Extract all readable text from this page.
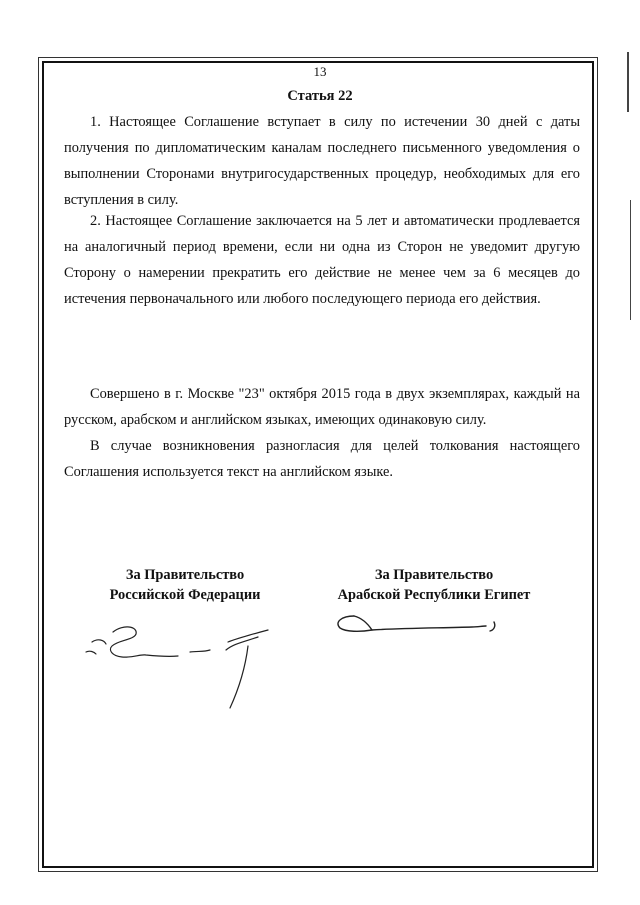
13
Статья 22

1. Настоящее Соглашение вступает в силу по истечении 30 дней с даты получения по дипломатическим каналам последнего письменного уведомления о выполнении Сторонами внутригосударственных процедур, необходимых для его вступления в силу.

2. Настоящее Соглашение заключается на 5 лет и автоматически продлевается на аналогичный период времени, если ни одна из Сторон не уведомит другую Сторону о намерении прекратить его действие не менее чем за 6 месяцев до истечения первоначального или любого последующего периода его действия.

Совершено в г. Москве "23" октября 2015 года в двух экземплярах, каждый на русском, арабском и английском языках, имеющих одинаковую силу.

В случае возникновения разногласия для целей толкования настоящего Соглашения используется текст на английском языке.

За Правительство
Российской Федерации
За Правительство
Арабской Республики Египет
